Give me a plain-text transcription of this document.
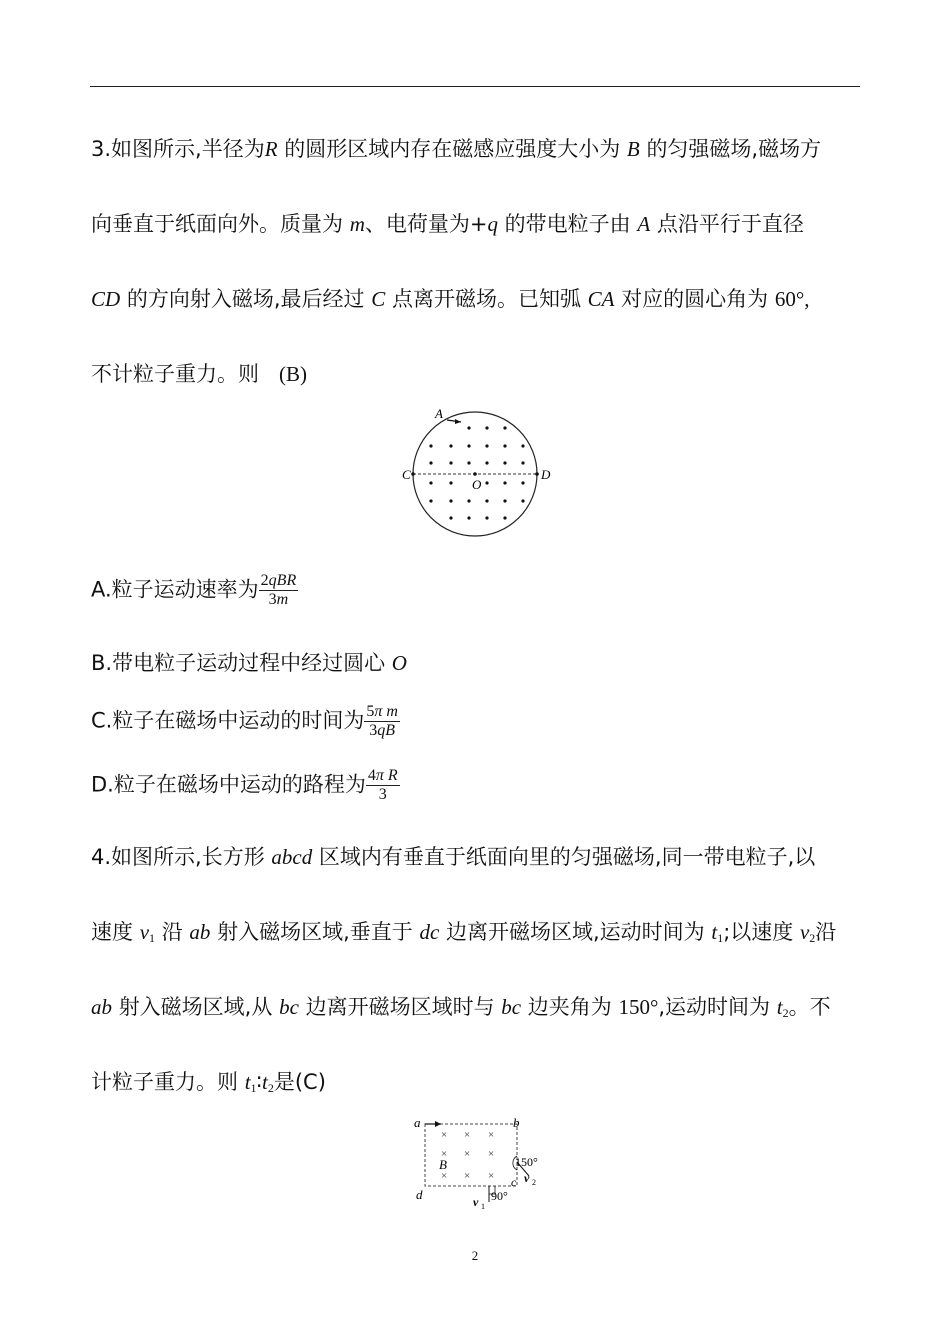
3.如图所示,半径为R 的圆形区域内存在磁感应强度大小为 B 的匀强磁场,磁场方
向垂直于纸面向外。质量为 m、电荷量为+q 的带电粒子由 A 点沿平行于直径
CD 的方向射入磁场,最后经过 C 点离开磁场。已知弧 CA 对应的圆心角为 60°,
不计粒子重力。则 (B)
A
C	D
O
A.粒子运动速率为 $\frac{\text{2qBR}}{3m}$
B.带电粒子运动过程中经过圆心 O
C.粒子在磁场中运动的时间为 $\frac{\text{5π m}}{3qB}$
D.粒子在磁场中运动的路程为 $\frac{\text{4π R}}{3}$
4.如图所示,长方形 abcd 区域内有垂直于纸面向里的匀强磁场,同一带电粒子,以
速度 $v_1$ 沿 ab 射入磁场区域,垂直于 dc 边离开磁场区域,运动时间为 $t_1$;以速度 $v_2$沿
ab 射入磁场区域,从 bc 边离开磁场区域时与 bc 边夹角为 150°,运动时间为 $t_2$。不
计粒子重力。则 $t_1∶t_2$是(C)
× × ×
× × ×
× × ×
B
a	b
c
d	v 1
90°
150°
v 2
2
